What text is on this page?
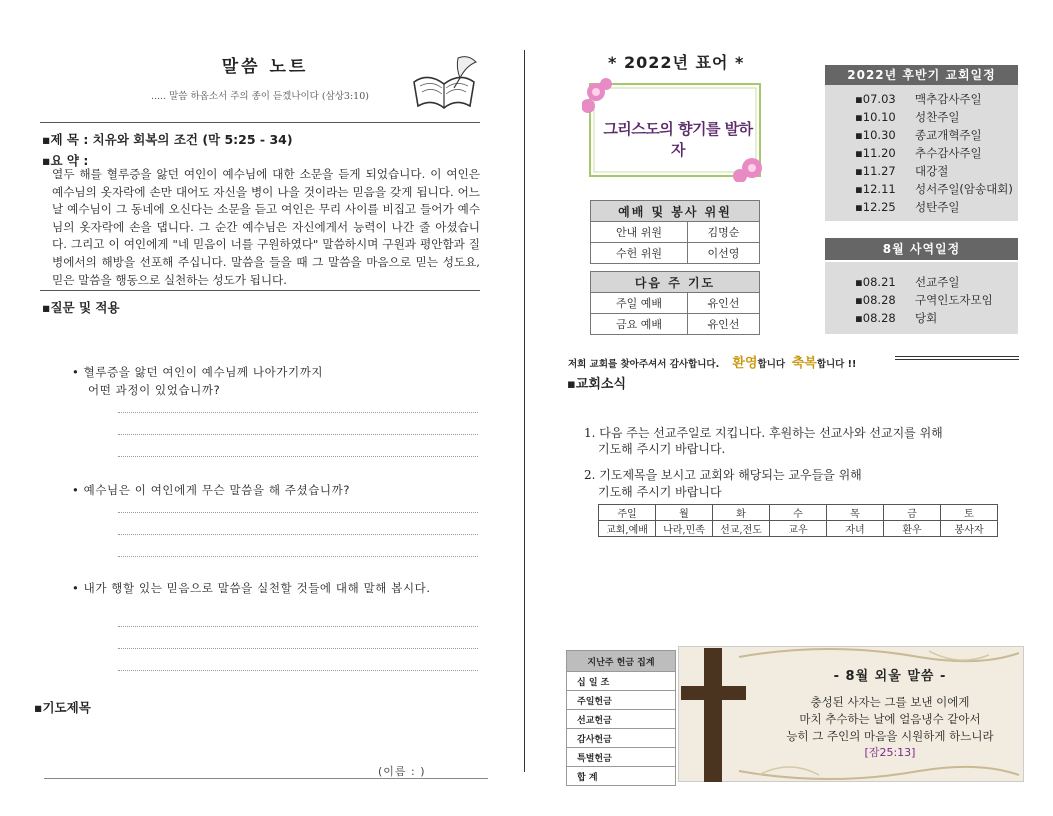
말씀 노트
..... 말씀 하옵소서 주의 종이 듣겠나이다 (삼상3:10)
▪제 목 : 치유와 회복의 조건 (막 5:25 - 34)
▪요 약 :
열두 해를 혈루증을 앓던 여인이 예수님에 대한 소문을 듣게 되었습니다. 이 여인은 예수님의 옷자락에 손만 대어도 자신을 병이 나을 것이라는 믿음을 갖게 됩니다. 어느 날 예수님이 그 동네에 오신다는 소문을 듣고 여인은 무리 사이를 비집고 들어가 예수님의 옷자락에 손을 댑니다. 그 순간 예수님은 자신에게서 능력이 나간 줄 아셨습니다. 그리고 이 여인에게 "네 믿음이 너를 구원하였다" 말씀하시며 구원과 평안함과 질병에서의 해방을 선포해 주십니다. 말씀을 들을 때 그 말씀을 마음으로 믿는 성도요, 믿은 말씀을 행동으로 실천하는 성도가 됩니다.
▪질문 및 적용
• 혈루증을 앓던 여인이 예수님께 나아가기까지
어떤 과정이 있었습니까?
• 예수님은 이 여인에게 무슨 말씀을 해 주셨습니까?
• 내가 행할 있는 믿음으로 말씀을 실천할 것들에 대해 말해 봅시다.
▪기도제목
(이름 : )
* 2022년 표어 *
그리스도의 향기를 발하자
예배 및 봉사 위원	
안내 위원	김명순
수헌 위원	이선영
다음 주 기도	
주일 예배	유인선
금요 예배	유인선
2022년 후반기 교회일정
▪07.03 맥추감사주일
▪10.10 성찬주일
▪10.30 종교개혁주일
▪11.20 추수감사주일
▪11.27 대강절
▪12.11 성서주일(암송대회)
▪12.25 성탄주일
8월 사역일정
▪08.21 선교주일
▪08.28 구역인도자모임
▪08.28 당회
저희 교회를 찾아주셔서 감사합니다. 환영합니다 축복합니다 !!
▪교회소식
1. 다음 주는 선교주일로 지킵니다. 후원하는 선교사와 선교지를 위해
기도해 주시기 바랍니다.
2. 기도제목을 보시고 교회와 해당되는 교우들을 위해
기도해 주시기 바랍니다
주일	월	화	수	목	금	토
교회,예배	나라,민족	선교,전도	교우	자녀	환우	봉사자
지난주 헌금 집계
십 일 조
주일헌금
선교헌금
감사헌금
특별헌금
합 계
- 8월 외울 말씀 -
충성된 사자는 그를 보낸 이에게
마치 추수하는 날에 얼음냉수 같아서
능히 그 주인의 마음을 시원하게 하느니라
[잠25:13]
